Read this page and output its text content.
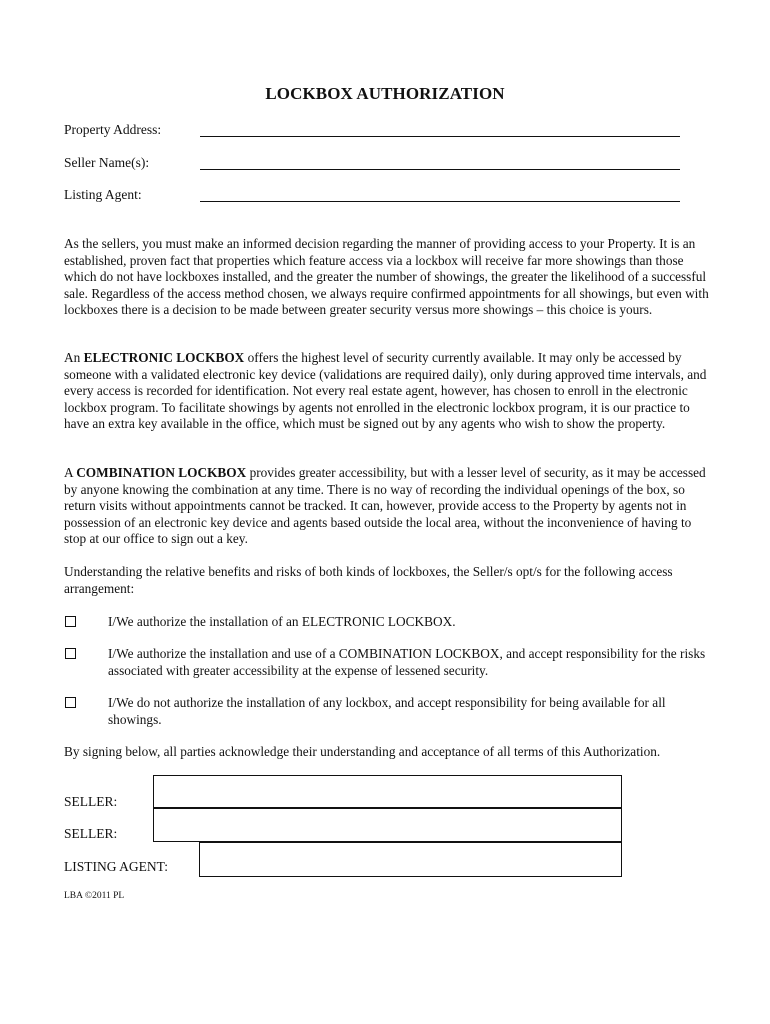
LOCKBOX AUTHORIZATION
Property Address:
Seller Name(s):
Listing Agent:

As the sellers, you must make an informed decision regarding the manner of providing access to your Property. It is an established, proven fact that properties which feature access via a lockbox will receive far more showings than those which do not have lockboxes installed, and the greater the number of showings, the greater the likelihood of a successful sale. Regardless of the access method chosen, we always require confirmed appointments for all showings, but even with lockboxes there is a decision to be made between greater security versus more showings – this choice is yours.

An ELECTRONIC LOCKBOX offers the highest level of security currently available. It may only be accessed by someone with a validated electronic key device (validations are required daily), only during approved time intervals, and every access is recorded for identification. Not every real estate agent, however, has chosen to enroll in the electronic lockbox program. To facilitate showings by agents not enrolled in the electronic lockbox program, it is our practice to have an extra key available in the office, which must be signed out by any agents who wish to show the property.

A COMBINATION LOCKBOX provides greater accessibility, but with a lesser level of security, as it may be accessed by anyone knowing the combination at any time. There is no way of recording the individual openings of the box, so return visits without appointments cannot be tracked. It can, however, provide access to the Property by agents not in possession of an electronic key device and agents based outside the local area, without the inconvenience of having to stop at our office to sign out a key.

Understanding the relative benefits and risks of both kinds of lockboxes, the Seller/s opt/s for the following access arrangement:

I/We authorize the installation of an ELECTRONIC LOCKBOX.
I/We authorize the installation and use of a COMBINATION LOCKBOX, and accept responsibility for the risks associated with greater accessibility at the expense of lessened security.
I/We do not authorize the installation of any lockbox, and accept responsibility for being available for all showings.

By signing below, all parties acknowledge their understanding and acceptance of all terms of this Authorization.

SELLER:
SELLER:
LISTING AGENT:
LBA ©2011 PL
